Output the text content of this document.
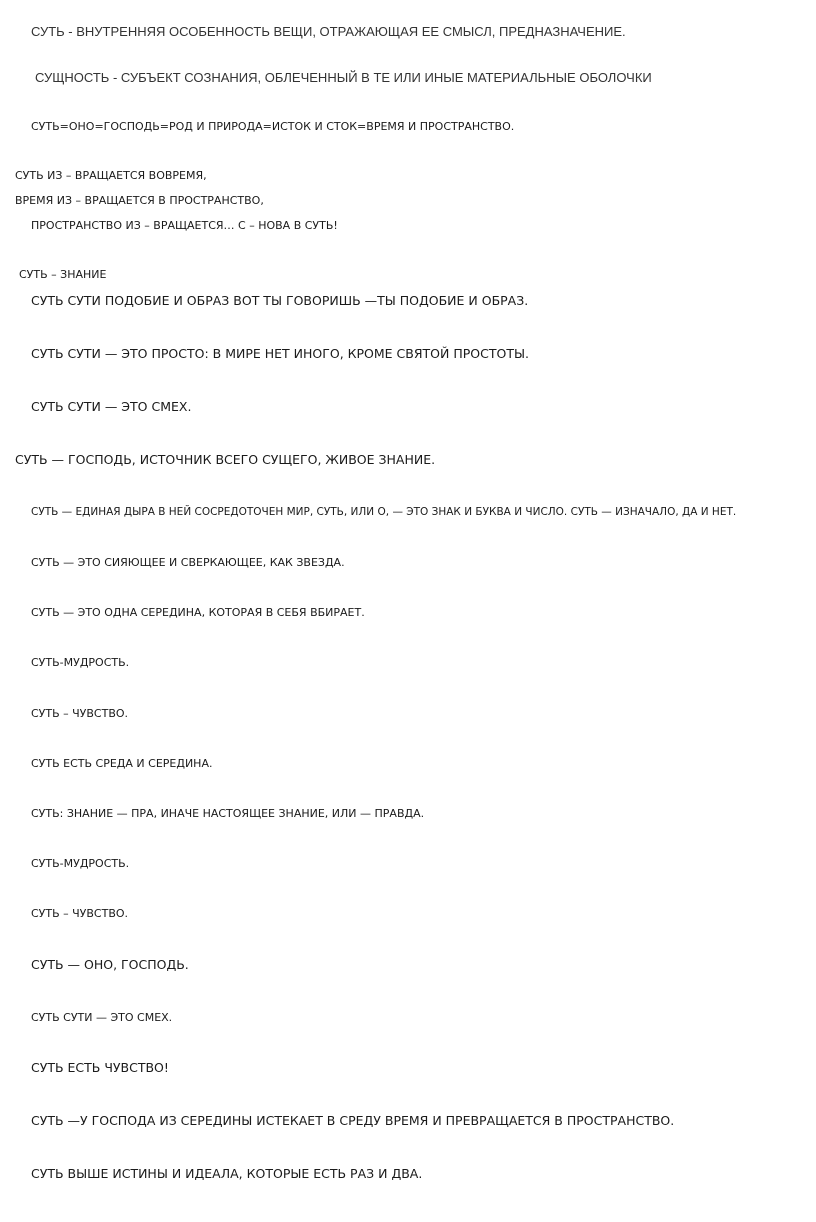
СУТЬ - ВНУТРЕННЯЯ ОСОБЕННОСТЬ ВЕЩИ, ОТРАЖАЮЩАЯ ЕЕ СМЫСЛ, ПРЕДНАЗНАЧЕНИЕ.
СУЩНОСТЬ - СУБЪЕКТ СОЗНАНИЯ, ОБЛЕЧЕННЫЙ В ТЕ ИЛИ ИНЫЕ МАТЕРИАЛЬНЫЕ ОБОЛОЧКИ
СУТЬ=ОНО=ГОСПОДЬ=РОД И ПРИРОДА=ИСТОК И СТОК=ВРЕМЯ И ПРОСТРАНСТВО.
СУТЬ ИЗ – ВРАЩАЕТСЯ ВОВРЕМЯ,
ВРЕМЯ ИЗ – ВРАЩАЕТСЯ В ПРОСТРАНСТВО,
ПРОСТРАНСТВО ИЗ – ВРАЩАЕТСЯ… С – НОВА В СУТЬ!
СУТЬ – ЗНАНИЕ
СУТЬ СУТИ ПОДОБИЕ И ОБРАЗ ВОТ ТЫ ГОВОРИШЬ —ТЫ ПОДОБИЕ И ОБРАЗ.
СУТЬ СУТИ — ЭТО ПРОСТО: В МИРЕ НЕТ ИНОГО, КРОМЕ СВЯТОЙ ПРОСТОТЫ.
СУТЬ СУТИ — ЭТО СМЕХ.
СУТЬ — ГОСПОДЬ, ИСТОЧНИК ВСЕГО СУЩЕГО, ЖИВОЕ ЗНАНИЕ.
СУТЬ — ЕДИНАЯ ДЫРА В НЕЙ СОСРЕДОТОЧЕН МИР, СУТЬ, ИЛИ О, — ЭТО ЗНАК И БУКВА И ЧИСЛО. СУТЬ — ИЗНАЧАЛО, ДА И НЕТ.
СУТЬ — ЭТО СИЯЮЩЕЕ И СВЕРКАЮЩЕЕ, КАК ЗВЕЗДА.
СУТЬ — ЭТО ОДНА СЕРЕДИНА, КОТОРАЯ В СЕБЯ ВБИРАЕТ.
СУТЬ-МУДРОСТЬ.
СУТЬ – ЧУВСТВО.
СУТЬ ЕСТЬ СРЕДА И СЕРЕДИНА.
СУТЬ: ЗНАНИЕ — ПРА, ИНАЧЕ НАСТОЯЩЕЕ ЗНАНИЕ, ИЛИ — ПРАВДА.
СУТЬ-МУДРОСТЬ.
СУТЬ – ЧУВСТВО.
СУТЬ — ОНО, ГОСПОДЬ.
СУТЬ СУТИ — ЭТО СМЕХ.
СУТЬ ЕСТЬ ЧУВСТВО!
СУТЬ —У ГОСПОДА ИЗ СЕРЕДИНЫ ИСТЕКАЕТ В СРЕДУ ВРЕМЯ И ПРЕВРАЩАЕТСЯ В ПРОСТРАНСТВО.
СУТЬ ВЫШЕ ИСТИНЫ И ИДЕАЛА, КОТОРЫЕ ЕСТЬ РАЗ И ДВА.
